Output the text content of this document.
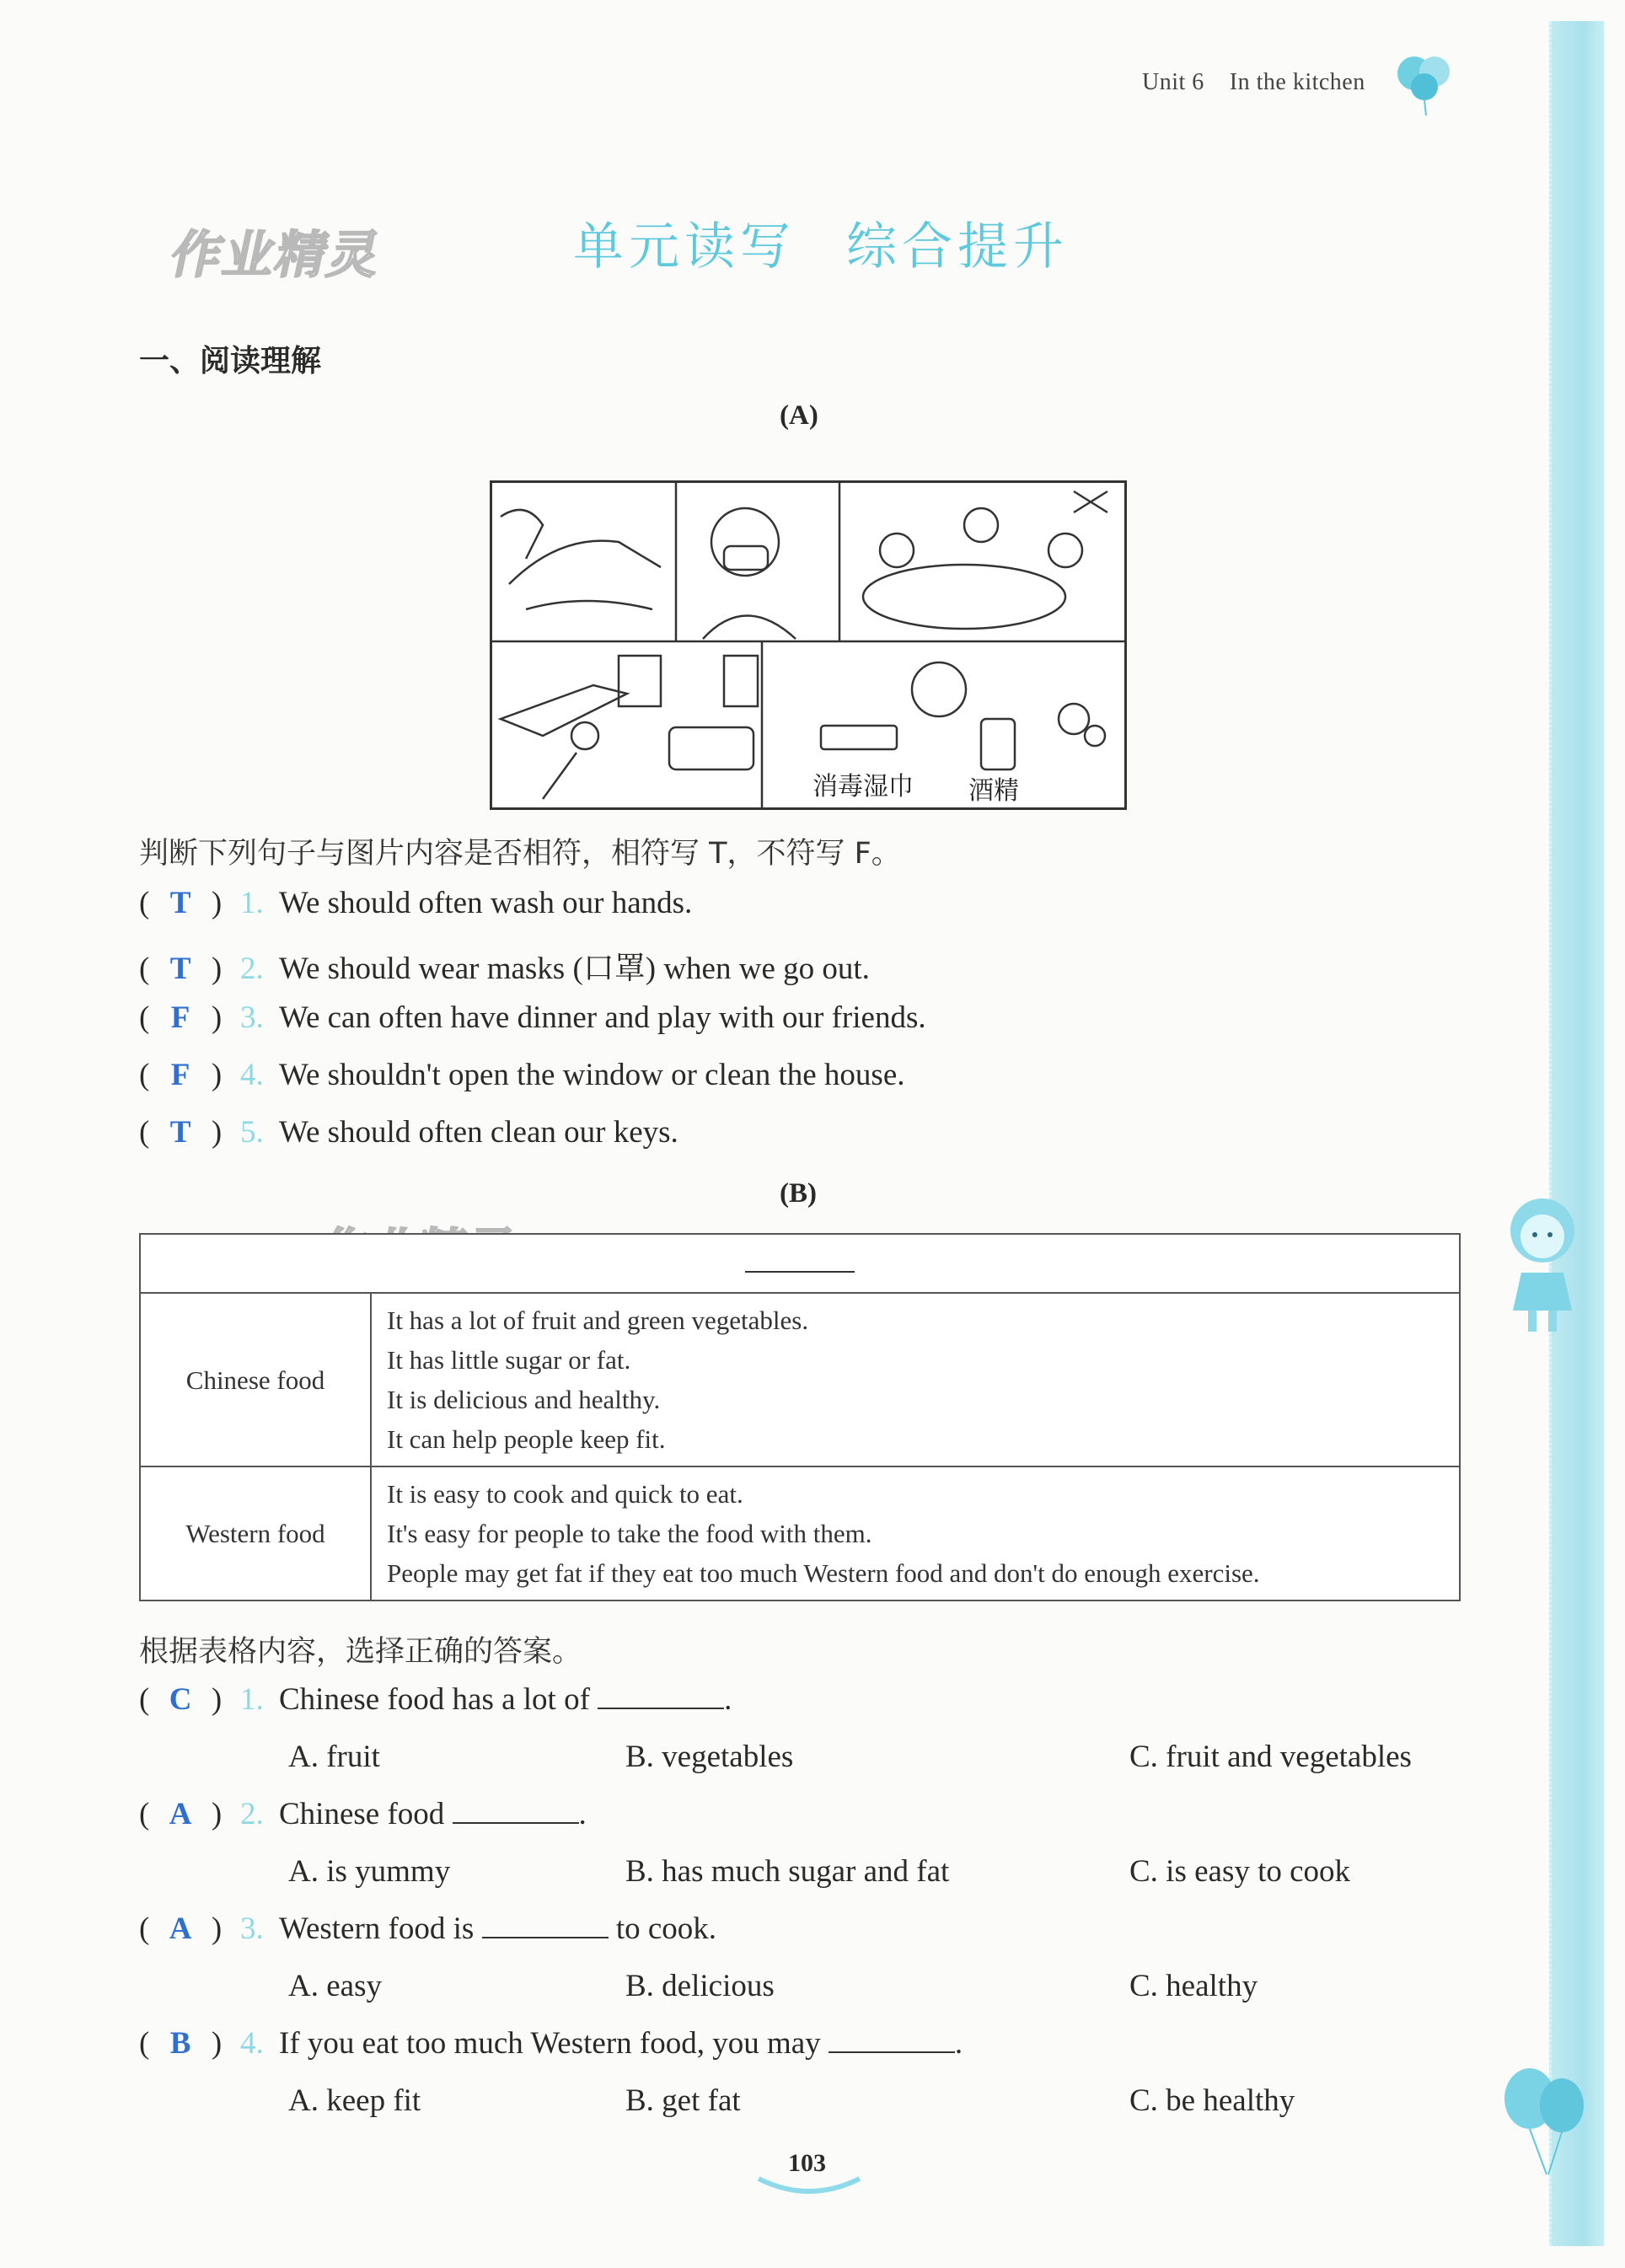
Unit 6 In the kitchen
作业精灵	单元读写 综合提升
一、阅读理解
(A)
消毒湿巾 酒精
判断下列句子与图片内容是否相符，相符写 T，不符写 F。
( T ) 1. We should often wash our hands.
( T ) 2. We should wear masks (口罩) when we go out.
( F ) 3. We can often have dinner and play with our friends.
( F ) 4. We shouldn't open the window or clean the house.
( T ) 5. We should often clean our keys.
(B)

Chinese food	It has a lot of fruit and green vegetables.
It has little sugar or fat.
It is delicious and healthy.
It can help people keep fit.

Western food	It is easy to cook and quick to eat.
It's easy for people to take the food with them.
People may get fat if they eat too much Western food and don't do enough exercise.
根据表格内容，选择正确的答案。
( C ) 1. Chinese food has a lot of	.
A. fruit	B. vegetables	C. fruit and vegetables
( A ) 2. Chinese food	.
A. is yummy	B. has much sugar and fat	C. is easy to cook
( A ) 3. Western food is	to cook.
A. easy	B. delicious	C. healthy
( B ) 4. If you eat too much Western food, you may	.
A. keep fit	B. get fat	C. be healthy
103
